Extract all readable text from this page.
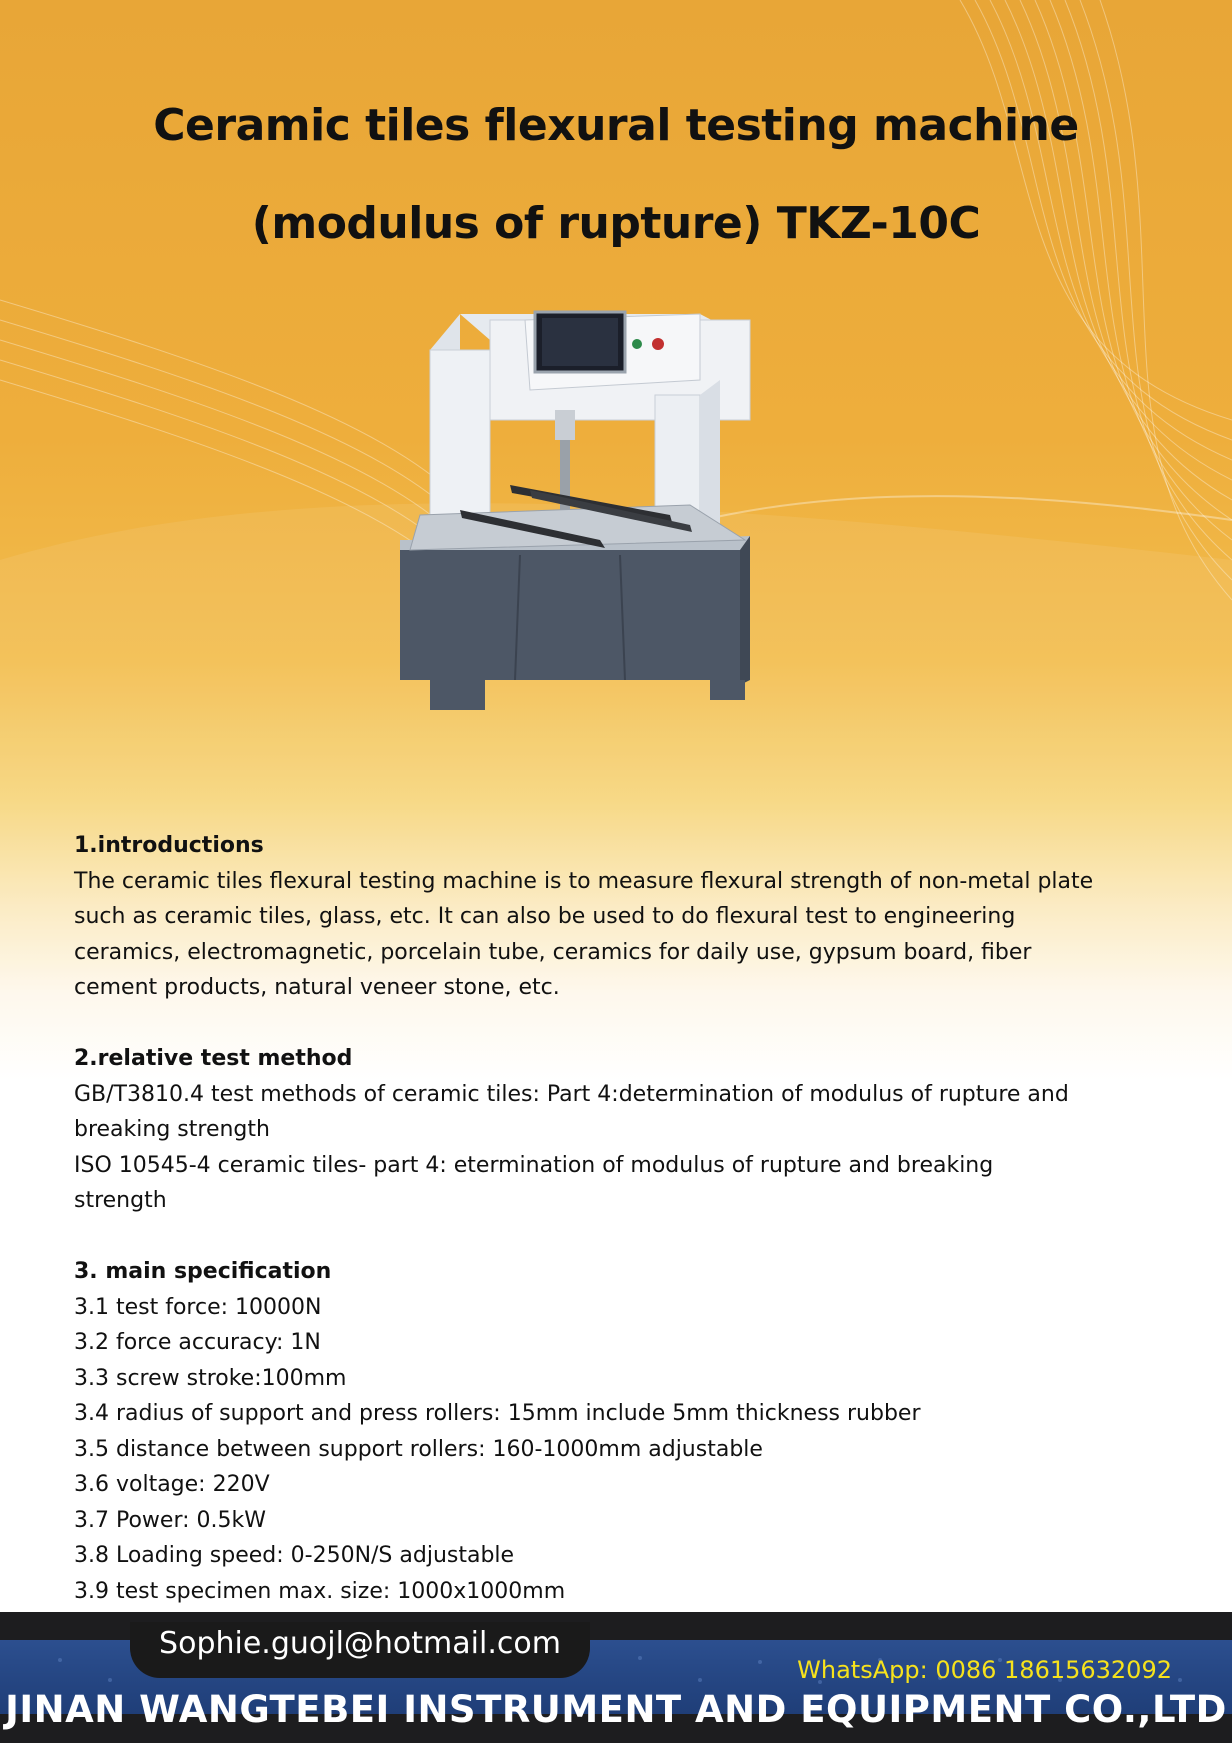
Ceramic tiles flexural testing machine
(modulus of rupture) TKZ-10C
1.introductions

The ceramic tiles flexural testing machine is to measure flexural strength of non-metal plate

such as ceramic tiles, glass, etc. It can also be used to do flexural test to engineering

ceramics, electromagnetic, porcelain tube, ceramics for daily use, gypsum board, fiber

cement products, natural veneer stone, etc.

2.relative test method

GB/T3810.4 test methods of ceramic tiles: Part 4:determination of modulus of rupture and

breaking strength

ISO 10545-4 ceramic tiles- part 4: etermination of modulus of rupture and breaking

strength

3. main specification

3.1 test force: 10000N

3.2 force accuracy: 1N

3.3 screw stroke:100mm

3.4 radius of support and press rollers: 15mm include 5mm thickness rubber

3.5 distance between support rollers: 160-1000mm adjustable

3.6 voltage: 220V

3.7 Power: 0.5kW

3.8 Loading speed: 0-250N/S adjustable

3.9 test specimen max. size: 1000x1000mm

Sophie.guojl@hotmail.com
WhatsApp: 0086 18615632092
JINAN WANGTEBEI INSTRUMENT AND EQUIPMENT CO.,LTD
